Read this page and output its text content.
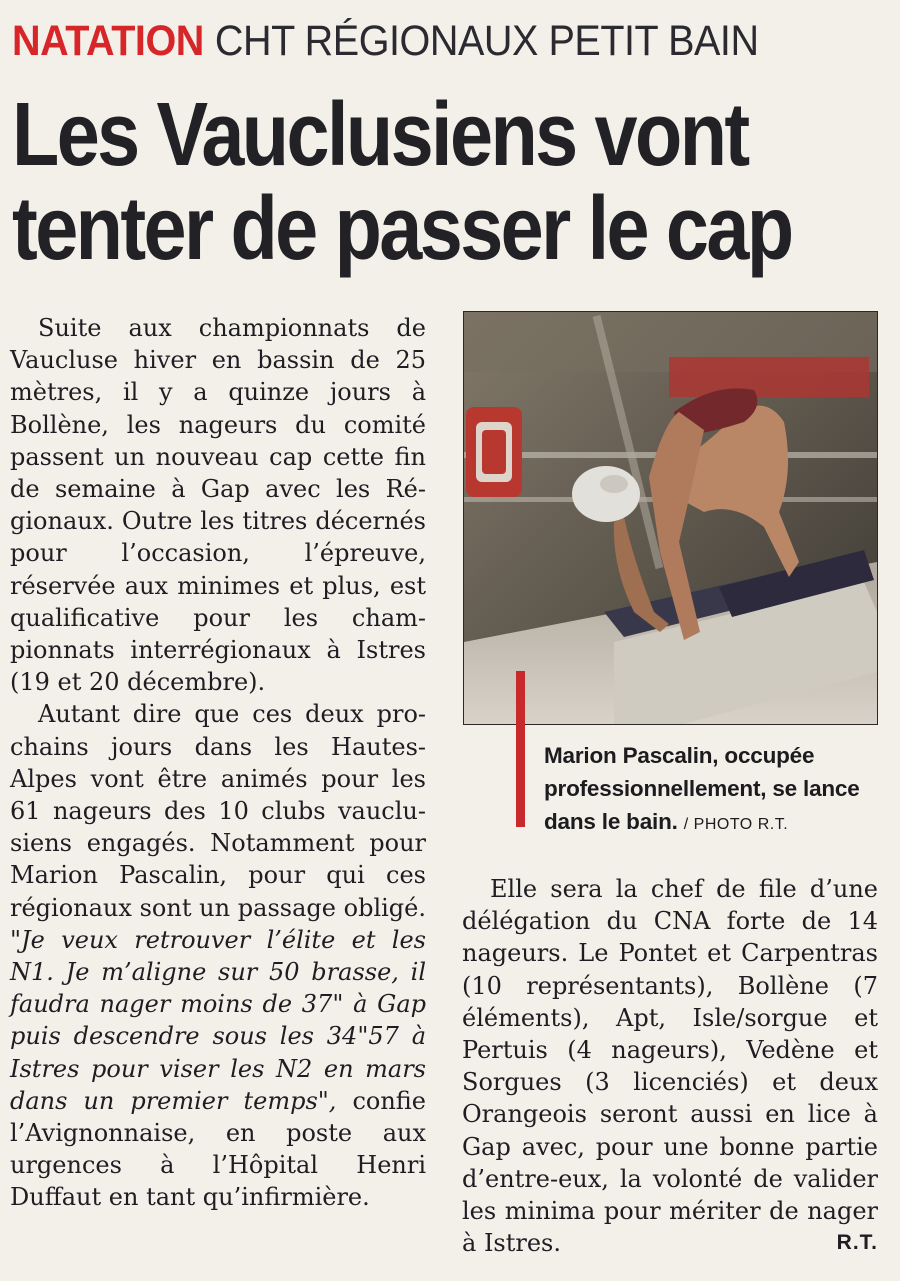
NATATION CHT RÉGIONAUX PETIT BAIN
Les Vauclusiens vont
tenter de passer le cap

Suite aux championnats de Vaucluse hiver en bassin de 25 mètres, il y a quinze jours à Bollène, les nageurs du comité passent un nouveau cap cette fin de semaine à Gap avec les Régionaux. Outre les titres décernés pour l’occasion, l’épreuve, réservée aux minimes et plus, est qualificative pour les championnats interrégionaux à Istres (19 et 20 décembre).

Autant dire que ces deux prochains jours dans les Hautes-Alpes vont être animés pour les 61 nageurs des 10 clubs vauclusiens engagés. Notamment pour Marion Pascalin, pour qui ces régionaux sont un passage obligé. "Je veux retrouver l’élite et les N1. Je m’aligne sur 50 brasse, il faudra nager moins de 37" à Gap puis descendre sous les 34"57 à Istres pour viser les N2 en mars dans un premier temps", confie l’Avignonnaise, en poste aux urgences à l’Hôpital Henri Duffaut en tant qu’infirmière.

Marion Pascalin, occupée professionnellement, se lance dans le bain. / PHOTO R.T.

Elle sera la chef de file d’une délégation du CNA forte de 14 nageurs. Le Pontet et Carpentras (10 représentants), Bollène (7 éléments), Apt, Isle/sorgue et Pertuis (4 nageurs), Vedène et Sorgues (3 licenciés) et deux Orangeois seront aussi en lice à Gap avec, pour une bonne partie d’entre-eux, la volonté de valider les minima pour mériter de nager à Istres.	R.T.
